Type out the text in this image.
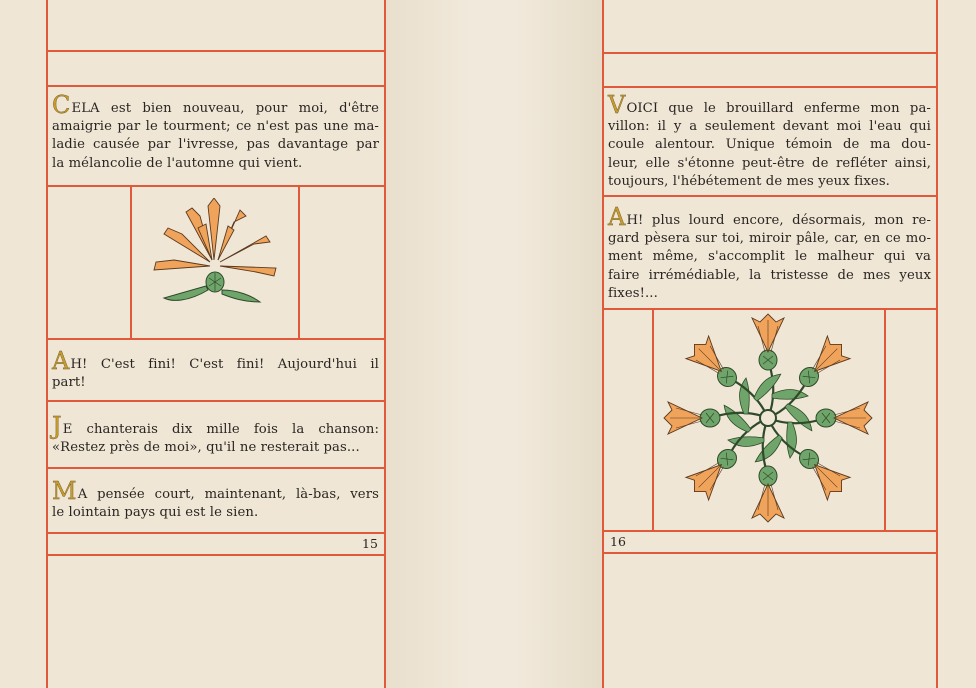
CELA est bien nouveau, pour moi, d'être
amaigrie par le tourment; ce n'est pas une ma-
ladie causée par l'ivresse, pas davantage par
la mélancolie de l'automne qui vient.
AH! C'est fini! C'est fini! Aujourd'hui il
part!
JE chanterais dix mille fois la chanson:
«Restez près de moi», qu'il ne resterait pas...
MA pensée court, maintenant, là-bas, vers
le lointain pays qui est le sien.
15
VOICI que le brouillard enferme mon pa-
villon: il y a seulement devant moi l'eau qui
coule alentour. Unique témoin de ma dou-
leur, elle s'étonne peut-être de refléter ainsi,
toujours, l'hébétement de mes yeux fixes.
AH! plus lourd encore, désormais, mon re-
gard pèsera sur toi, miroir pâle, car, en ce mo-
ment même, s'accomplit le malheur qui va
faire irrémédiable, la tristesse de mes yeux
fixes!...
16
